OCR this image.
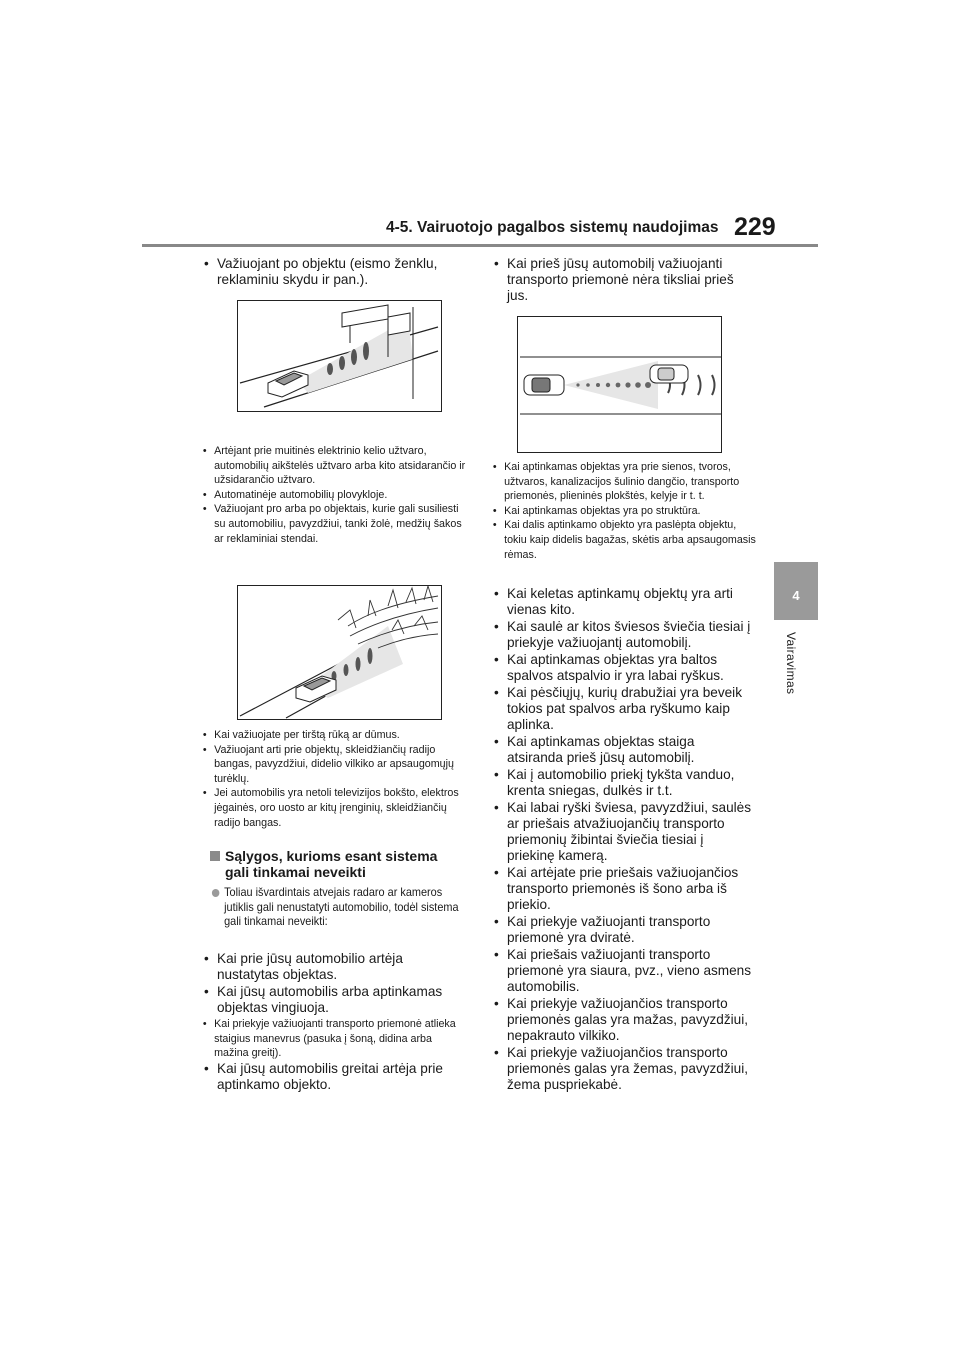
4-5. Vairuotojo pagalbos sistemų naudojimas 229
4
Vairavimas
• Važiuojant po objektu (eismo ženklu, reklaminiu skydu ir pan.).
• Artėjant prie muitinės elektrinio kelio užtvaro, automobilių aikštelės užtvaro arba kito atsidarančio ir užsidarančio užtvaro.
• Automatinėje automobilių plovykloje.
• Važiuojant pro arba po objektais, kurie gali susiliesti su automobiliu, pavyzdžiui, tanki žolė, medžių šakos ar reklaminiai stendai.
• Kai važiuojate per tirštą rūką ar dūmus.
• Važiuojant arti prie objektų, skleidžiančių radijo bangas, pavyzdžiui, didelio vilkiko ar apsaugomųjų turėklų.
• Jei automobilis yra netoli televizijos bokšto, elektros jėgainės, oro uosto ar kitų įrenginių, skleidžiančių radijo bangas.
Sąlygos, kurioms esant sistema gali tinkamai neveikti
Toliau išvardintais atvejais radaro ar kameros jutiklis gali nenustatyti automobilio, todėl sistema gali tinkamai neveikti:
• Kai prie jūsų automobilio artėja nustatytas objektas.
• Kai jūsų automobilis arba aptinkamas objektas vingiuoja.
• Kai priekyje važiuojanti transporto priemonė atlieka staigius manevrus (pasuka į šoną, didina arba mažina greitį).
• Kai jūsų automobilis greitai artėja prie aptinkamo objekto.
• Kai prieš jūsų automobilį važiuojanti transporto priemonė nėra tiksliai prieš jus.
• Kai aptinkamas objektas yra prie sienos, tvoros, užtvaros, kanalizacijos šulinio dangčio, transporto priemonės, plieninės plokštės, kelyje ir t. t.
• Kai aptinkamas objektas yra po struktūra.
• Kai dalis aptinkamo objekto yra paslėpta objektu, tokiu kaip didelis bagažas, skėtis arba apsaugomasis rėmas.
• Kai keletas aptinkamų objektų yra arti vienas kito.
• Kai saulė ar kitos šviesos šviečia tiesiai į priekyje važiuojantį automobilį.
• Kai aptinkamas objektas yra baltos spalvos atspalvio ir yra labai ryškus.
• Kai pėsčiųjų, kurių drabužiai yra beveik tokios pat spalvos arba ryškumo kaip aplinka.
• Kai aptinkamas objektas staiga atsiranda prieš jūsų automobilį.
• Kai į automobilio priekį tykšta vanduo, krenta sniegas, dulkės ir t.t.
• Kai labai ryški šviesa, pavyzdžiui, saulės ar priešais atvažiuojančių transporto priemonių žibintai šviečia tiesiai į priekinę kamerą.
• Kai artėjate prie priešais važiuojančios transporto priemonės iš šono arba iš priekio.
• Kai priekyje važiuojanti transporto priemonė yra dviratė.
• Kai priešais važiuojanti transporto priemonė yra siaura, pvz., vieno asmens automobilis.
• Kai priekyje važiuojančios transporto priemonės galas yra mažas, pavyzdžiui, nepakrauto vilkiko.
• Kai priekyje važiuojančios transporto priemonės galas yra žemas, pavyzdžiui, žema puspriekabė.
